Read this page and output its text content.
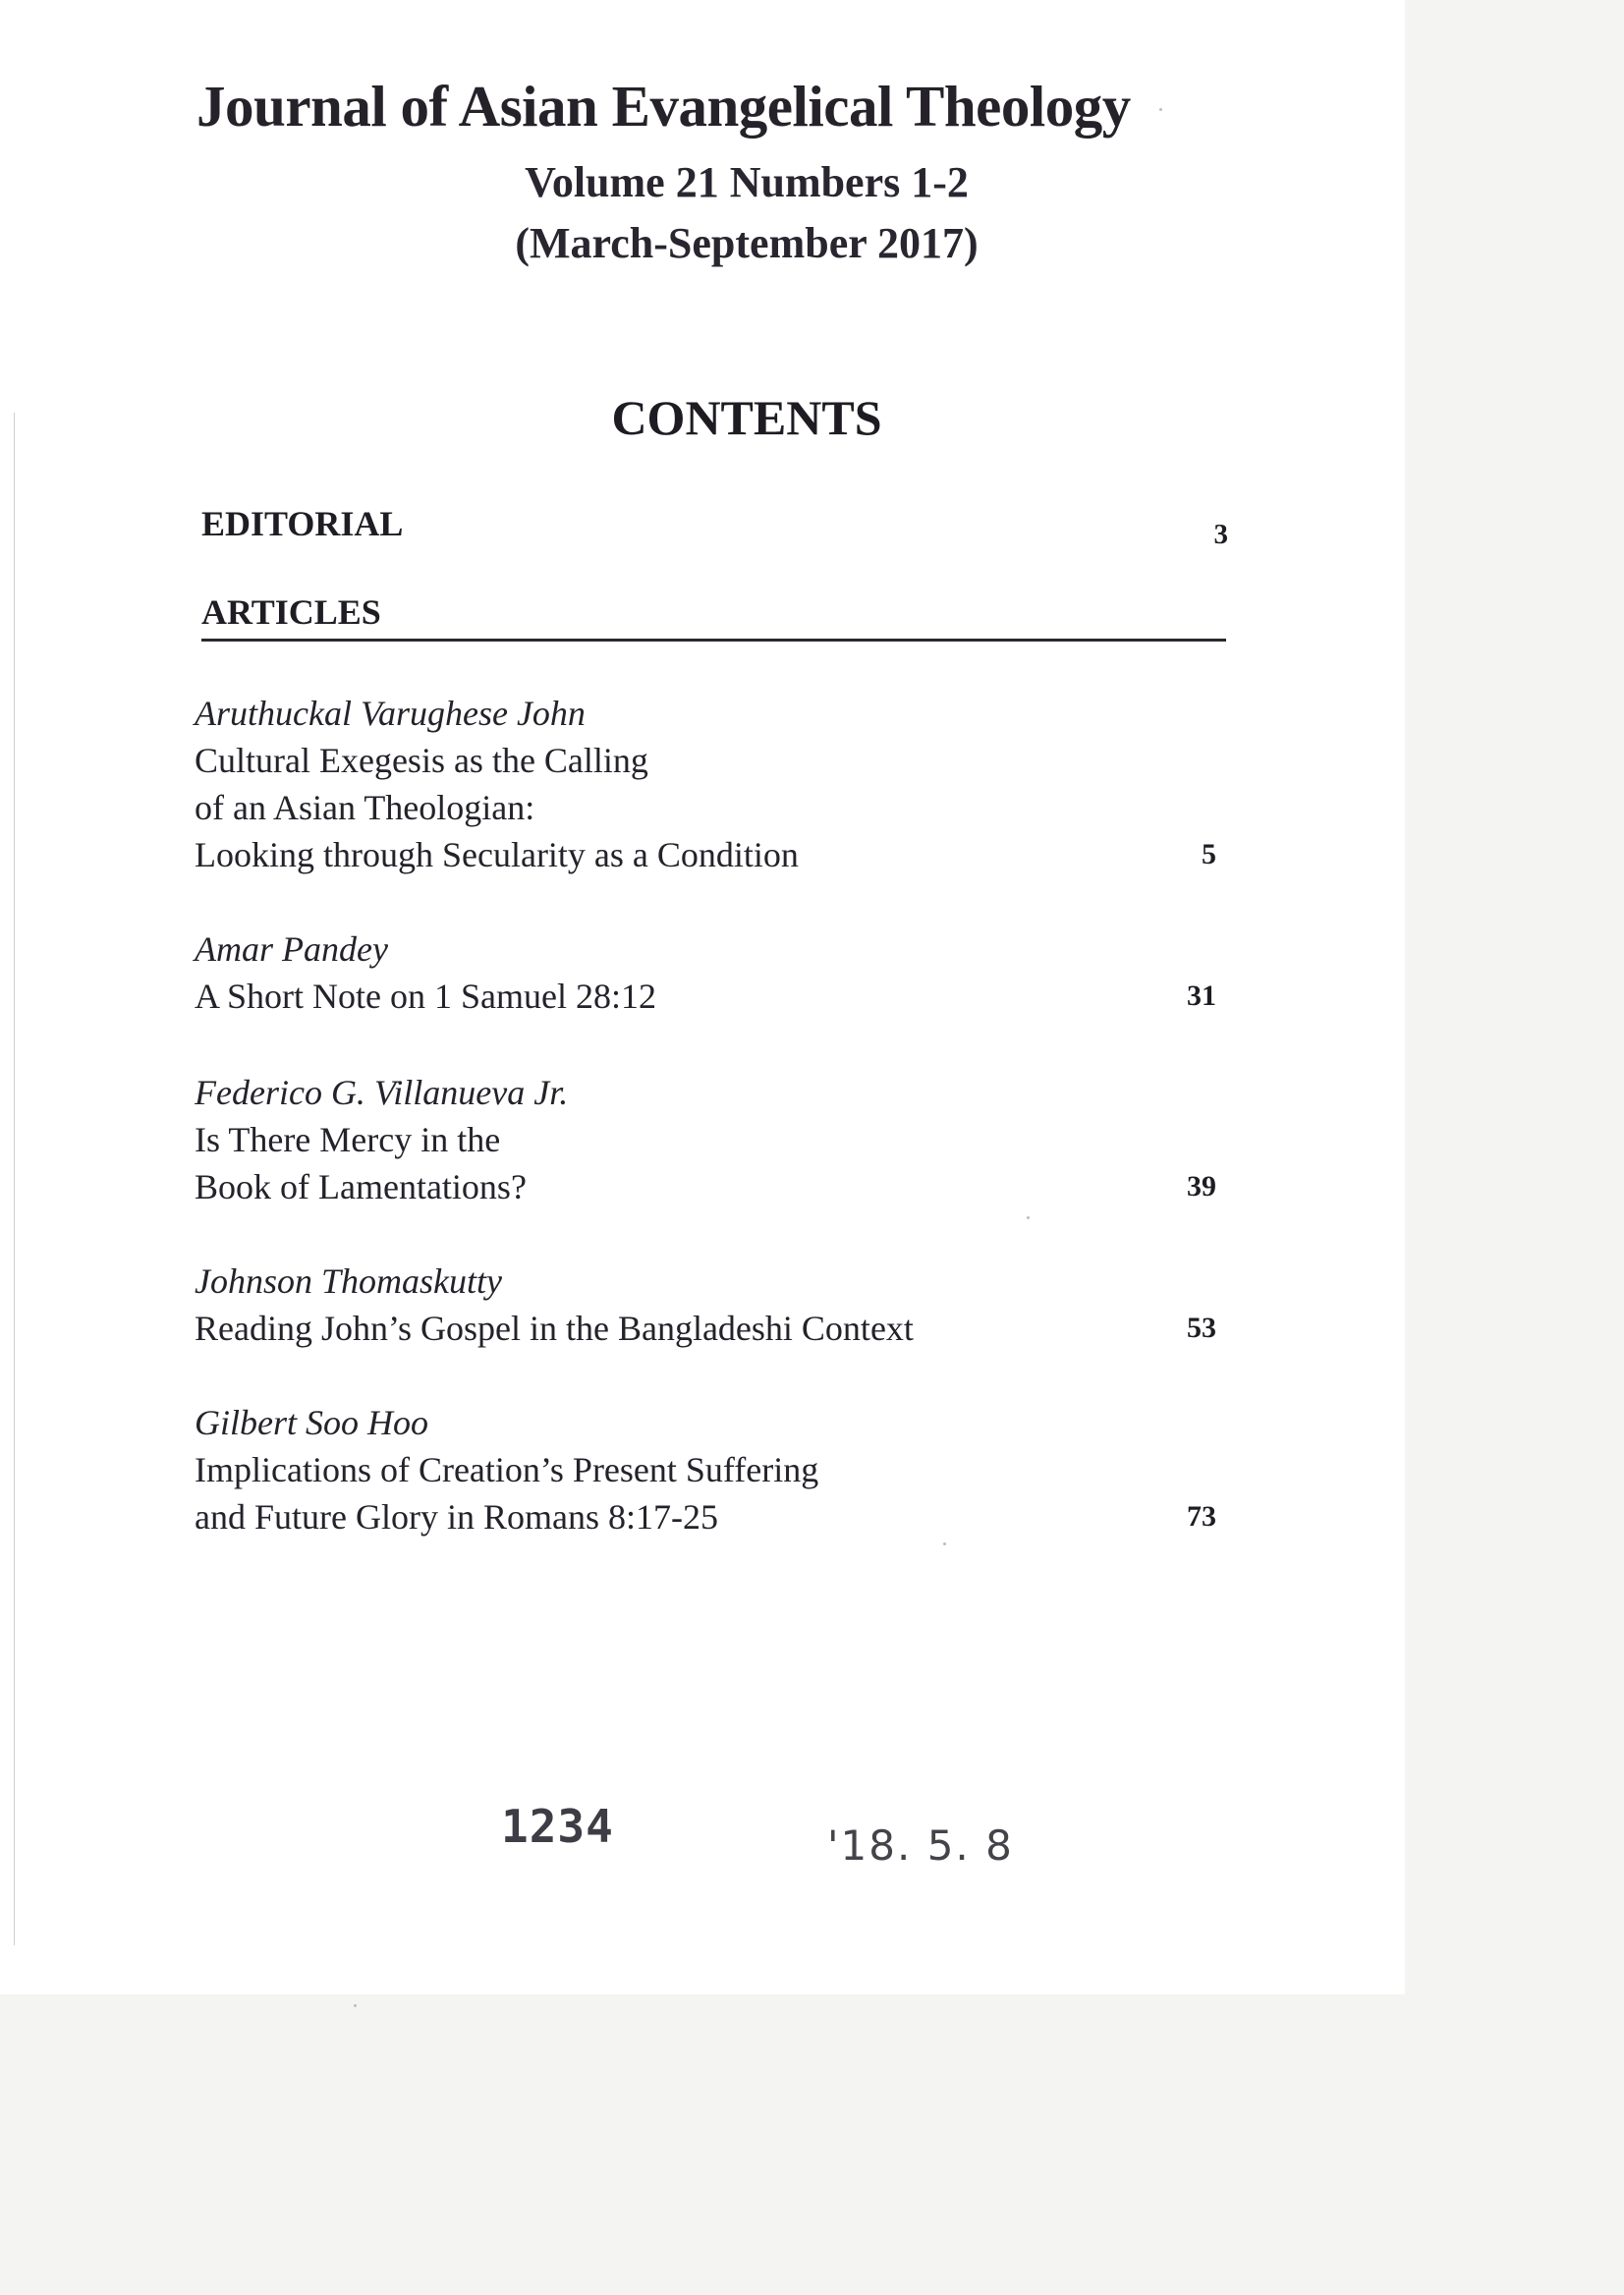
Journal of Asian Evangelical Theology
Volume 21 Numbers 1-2
(March-September 2017)
CONTENTS
EDITORIAL	3
ARTICLES
Aruthuckal Varughese John
Cultural Exegesis as the Calling
of an Asian Theologian:
Looking through Secularity as a Condition	5
Amar Pandey
A Short Note on 1 Samuel 28:12	31
Federico G. Villanueva Jr.
Is There Mercy in the
Book of Lamentations?	39
Johnson Thomaskutty
Reading John’s Gospel in the Bangladeshi Context	53
Gilbert Soo Hoo
Implications of Creation’s Present Suffering
and Future Glory in Romans 8:17-25	73
1234	'18. 5. 8
